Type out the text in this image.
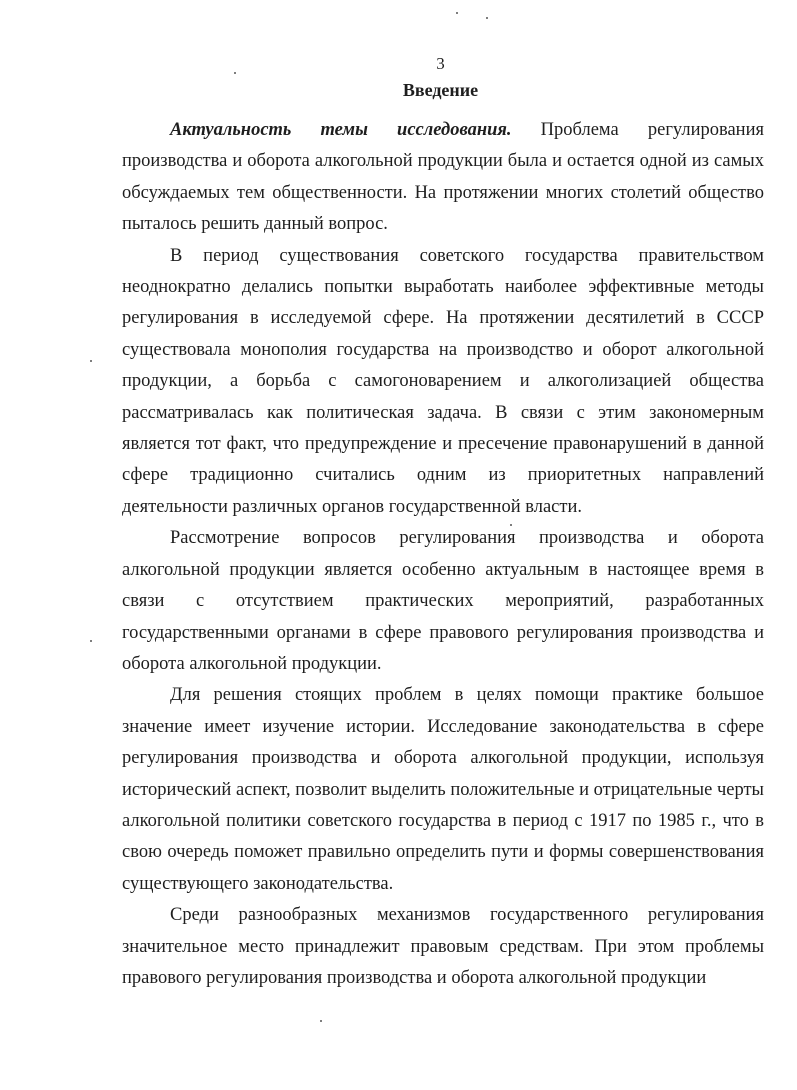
3
Введение

Актуальность темы исследования. Проблема регулирования производства и оборота алкогольной продукции была и остается одной из самых обсуждаемых тем общественности. На протяжении многих столетий общество пыталось решить данный вопрос.

В период существования советского государства правительством неоднократно делались попытки выработать наиболее эффективные методы регулирования в исследуемой сфере. На протяжении десятилетий в СССР существовала монополия государства на производство и оборот алкогольной продукции, а борьба с самогоноварением и алкоголизацией общества рассматривалась как политическая задача. В связи с этим закономерным является тот факт, что предупреждение и пресечение правонарушений в данной сфере традиционно считались одним из приоритетных направлений деятельности различных органов государственной власти.

Рассмотрение вопросов регулирования производства и оборота алкогольной продукции является особенно актуальным в настоящее время в связи с отсутствием практических мероприятий, разработанных государственными органами в сфере правового регулирования производства и оборота алкогольной продукции.

Для решения стоящих проблем в целях помощи практике большое значение имеет изучение истории. Исследование законодательства в сфере регулирования производства и оборота алкогольной продукции, используя исторический аспект, позволит выделить положительные и отрицательные черты алкогольной политики советского государства в период с 1917 по 1985 г., что в свою очередь поможет правильно определить пути и формы совершенствования существующего законодательства.

Среди разнообразных механизмов государственного регулирования значительное место принадлежит правовым средствам. При этом проблемы правового регулирования производства и оборота алкогольной продукции
